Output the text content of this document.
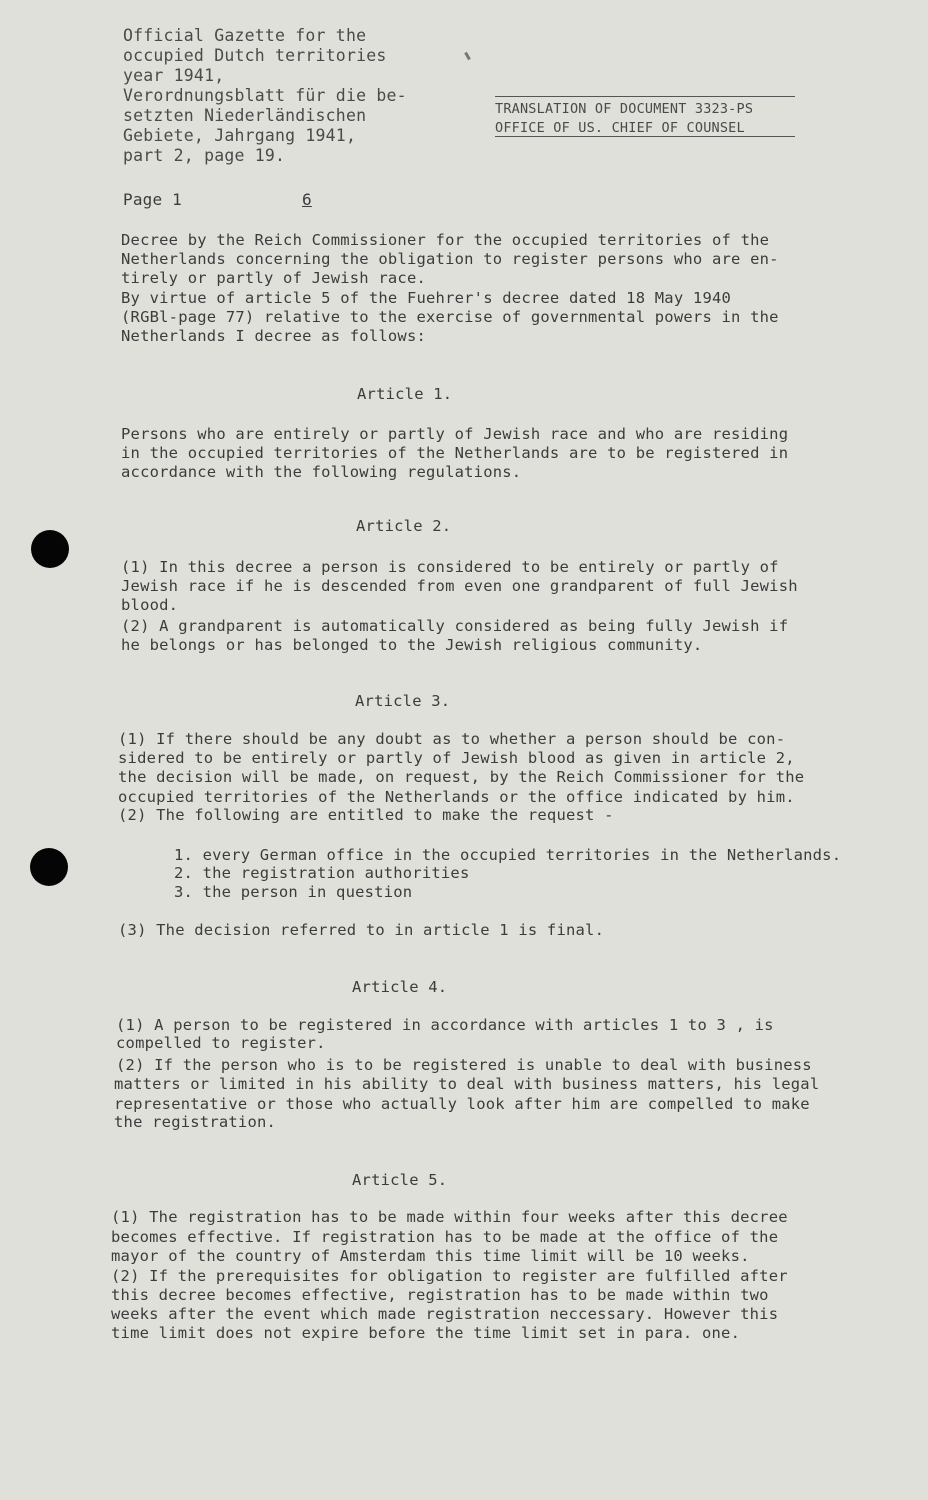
Official Gazette for the
occupied Dutch territories
year 1941,
Verordnungsblatt für die be-
setzten Niederländischen
Gebiete, Jahrgang 1941,
part 2, page 19.
TRANSLATION OF DOCUMENT 3323-PS
OFFICE OF US. CHIEF OF COUNSEL
Page 1	6
Decree by the Reich Commissioner for the occupied territories of the
Netherlands concerning the obligation to register persons who are en-
tirely or partly of Jewish race.
By virtue of article 5 of the Fuehrer's decree dated 18 May 1940
(RGBl-page 77) relative to the exercise of governmental powers in the
Netherlands I decree as follows:
Article 1.
Persons who are entirely or partly of Jewish race and who are residing
in the occupied territories of the Netherlands are to be registered in
accordance with the following regulations.
Article 2.
(1) In this decree a person is considered to be entirely or partly of
Jewish race if he is descended from even one grandparent of full Jewish
blood.
(2) A grandparent is automatically considered as being fully Jewish if
he belongs or has belonged to the Jewish religious community.
Article 3.
(1) If there should be any doubt as to whether a person should be con-
sidered to be entirely or partly of Jewish blood as given in article 2,
the decision will be made, on request, by the Reich Commissioner for the
occupied territories of the Netherlands or the office indicated by him.
(2) The following are entitled to make the request -
1. every German office in the occupied territories in the Netherlands.
2. the registration authorities
3. the person in question
(3) The decision referred to in article 1 is final.
Article 4.
(1) A person to be registered in accordance with articles 1 to 3 , is
compelled to register.
(2) If the person who is to be registered is unable to deal with business
matters or limited in his ability to deal with business matters, his legal
representative or those who actually look after him are compelled to make
the registration.
Article 5.
(1) The registration has to be made within four weeks after this decree
becomes effective. If registration has to be made at the office of the
mayor of the country of Amsterdam this time limit will be 10 weeks.
(2) If the prerequisites for obligation to register are fulfilled after
this decree becomes effective, registration has to be made within two
weeks after the event which made registration neccessary. However this
time limit does not expire before the time limit set in para. one.
